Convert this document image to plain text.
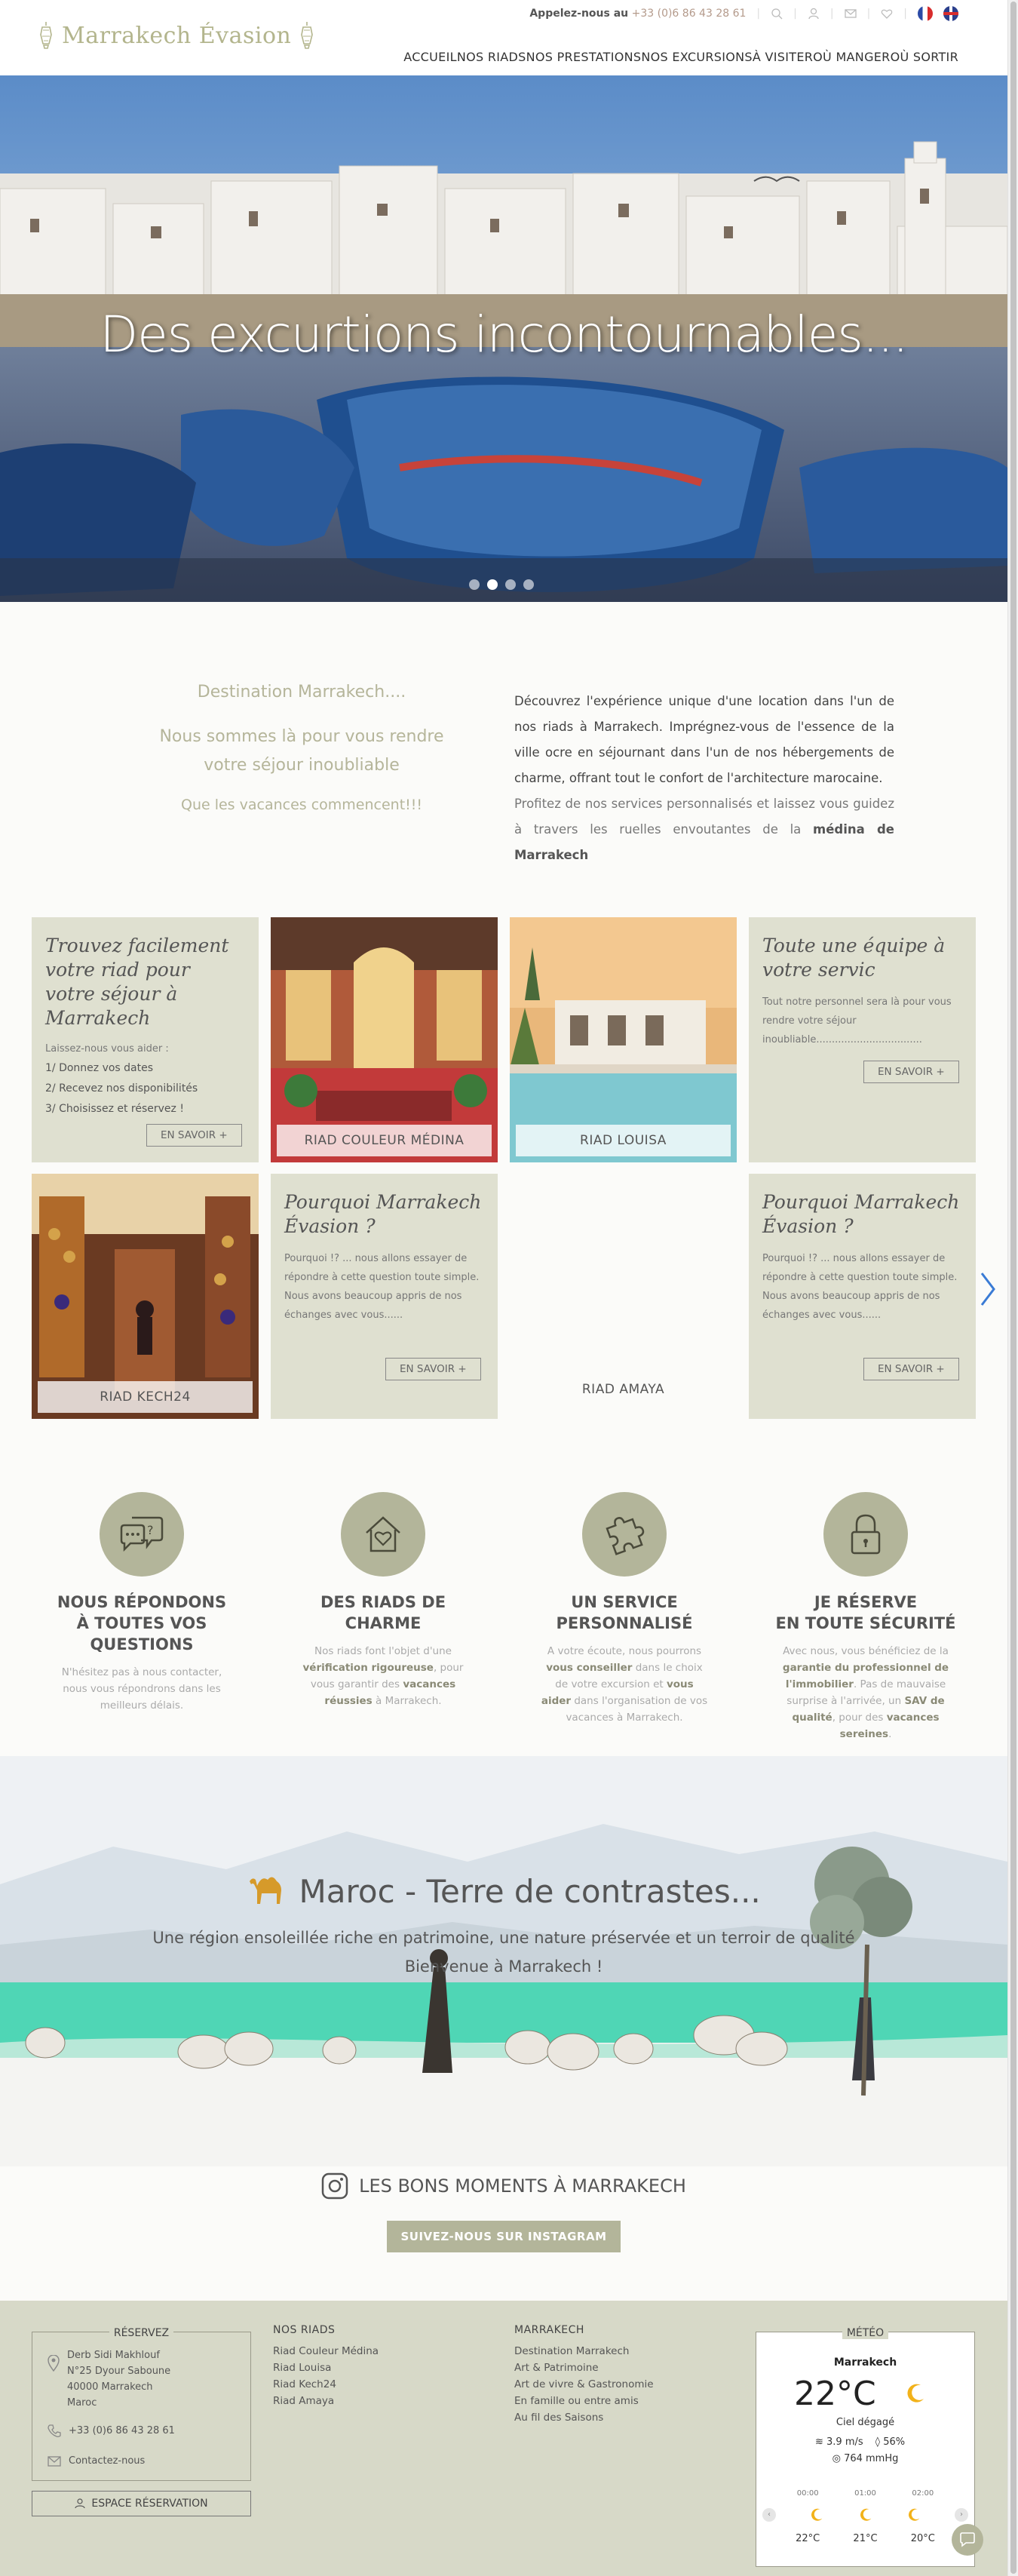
Marrakech Évasion
Appelez-nous au +33 (0)6 86 43 28 61 |	|	|	|	|
ACCUEIL NOS RIADS NOS PRESTATIONS NOS EXCURSIONS À VISITER OÙ MANGER OÙ SORTIR
Des excurtions incontournables...
Destination Marrakech....
Nous sommes là pour vous rendre
votre séjour inoubliable
Que les vacances commencent!!!

Découvrez l'expérience unique d'une location dans l'un de nos riads à Marrakech. Imprégnez-vous de l'essence de la ville ocre en séjournant dans l'un de nos hébergements de charme, offrant tout le confort de l'architecture marocaine.

Profitez de nos services personnalisés et laissez vous guidez à travers les ruelles envoutantes de la médina de Marrakech

Trouvez facilement votre riad pour votre séjour à Marrakech
Laissez-nous vous aider :
1/ Donnez vos dates
2/ Recevez nos disponibilités
3/ Choisissez et réservez !
EN SAVOIR +	RIAD COULEUR MÉDINA	RIAD LOUISA
Toute une équipe à votre servic
Tout notre personnel sera là pour vous rendre votre séjour inoubliable..................................
EN SAVOIR +
RIAD KECH24
Pourquoi Marrakech Évasion ?
Pourquoi !? ... nous allons essayer de répondre à cette question toute simple. Nous avons beaucoup appris de nos échanges avec vous......
EN SAVOIR +
RIAD AMAYA
Pourquoi Marrakech Évasion ?
Pourquoi !? ... nous allons essayer de répondre à cette question toute simple. Nous avons beaucoup appris de nos échanges avec vous......
EN SAVOIR +
?
NOUS RÉPONDONS
À TOUTES VOS QUESTIONS
N'hésitez pas à nous contacter, nous vous répondrons dans les meilleurs délais.
DES RIADS DE CHARME
Nos riads font l'objet d'une vérification rigoureuse, pour vous garantir des vacances réussies à Marrakech.
UN SERVICE
PERSONNALISÉ
A votre écoute, nous pourrons vous conseiller dans le choix de votre excursion et vous aider dans l'organisation de vos vacances à Marrakech.
JE RÉSERVE
EN TOUTE SÉCURITÉ
Avec nous, vous bénéficiez de la garantie du professionnel de l'immobilier. Pas de mauvaise surprise à l'arrivée, un SAV de qualité, pour des vacances sereines.
Maroc - Terre de contrastes...
Une région ensoleillée riche en patrimoine, une nature préservée et un terroir de qualité
Bienvenue à Marrakech !
LES BONS MOMENTS À MARRAKECH
SUIVEZ-NOUS SUR INSTAGRAM
RÉSERVEZ
Derb Sidi Makhlouf
N°25 Dyour Saboune
40000 Marrakech
Maroc
+33 (0)6 86 43 28 61
Contactez-nous
NOS RIADS
Riad Couleur Médina
Riad Louisa
Riad Kech24
Riad Amaya
MARRAKECH
Destination Marrakech
Art & Patrimoine
Art de vivre & Gastronomie
En famille ou entre amis
Au fil des Saisons
ESPACE RÉSERVATION
MÉTÉO
Marrakech
22°C
Ciel dégagé
≋ 3.9 m/s ◊ 56%
◎ 764 mmHg
00:00	01:00	02:00
‹	›
22°C	21°C	20°C
